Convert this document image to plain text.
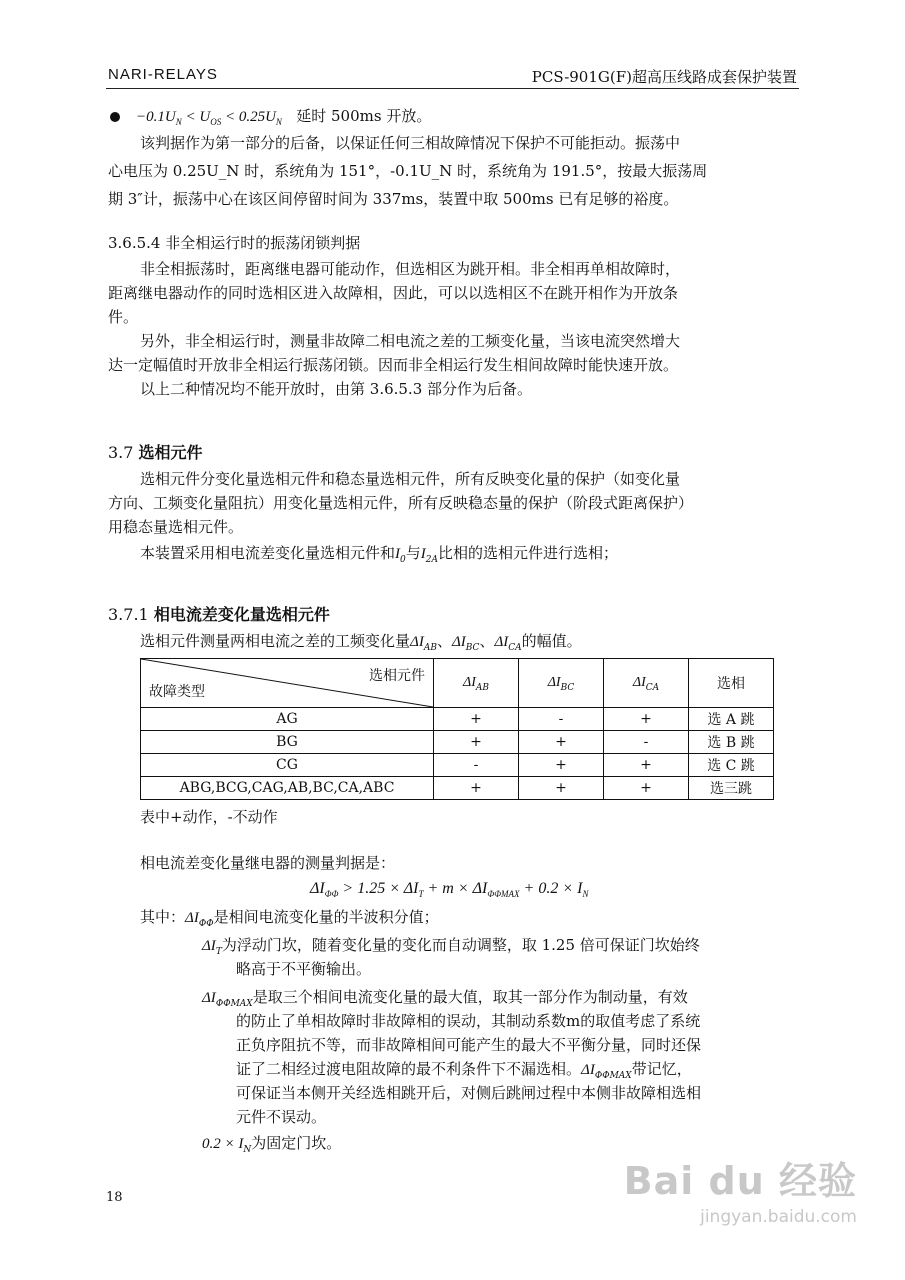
NARI-RELAYS	PCS-901G(F)超高压线路成套保护装置
$-0.1U_N < U_{OS} < 0.25U_N$ 延时 500ms 开放。
该判据作为第一部分的后备，以保证任何三相故障情况下保护不可能拒动。振荡中
心电压为 0.25U_N 时，系统角为 151°，-0.1U_N 时，系统角为 191.5°，按最大振荡周
期 3″计，振荡中心在该区间停留时间为 337ms，装置中取 500ms 已有足够的裕度。
3.6.5.4 非全相运行时的振荡闭锁判据
非全相振荡时，距离继电器可能动作，但选相区为跳开相。非全相再单相故障时，
距离继电器动作的同时选相区进入故障相，因此，可以以选相区不在跳开相作为开放条
件。
另外，非全相运行时，测量非故障二相电流之差的工频变化量，当该电流突然增大
达一定幅值时开放非全相运行振荡闭锁。因而非全相运行发生相间故障时能快速开放。
以上二种情况均不能开放时，由第 3.6.5.3 部分作为后备。
3.7 选相元件
选相元件分变化量选相元件和稳态量选相元件，所有反映变化量的保护（如变化量
方向、工频变化量阻抗）用变化量选相元件，所有反映稳态量的保护（阶段式距离保护）
用稳态量选相元件。
本装置采用相电流差变化量选相元件和$I_0$与$I_{2A}$比相的选相元件进行选相；
3.7.1 相电流差变化量选相元件
选相元件测量两相电流之差的工频变化量$\Delta I_{AB}$、$\Delta I_{BC}$、$\Delta I_{CA}$的幅值。
选相元件
故障类型	$\Delta I_{AB}$	$\Delta I_{BC}$	$\Delta I_{CA}$	选相
AG	+	-	+	选 A 跳
BG	+	+	-	选 B 跳
CG	-	+	+	选 C 跳
ABG,BCG,CAG,AB,BC,CA,ABC	+	+	+	选三跳
表中+动作，-不动作
相电流差变化量继电器的测量判据是：
$\Delta I_{\Phi\Phi} > 1.25 \times \Delta I_T + m \times \Delta I_{\Phi\Phi MAX} + 0.2 \times I_N$
其中：$\Delta I_{\Phi\Phi}$是相间电流变化量的半波积分值；
$\Delta I_T$为浮动门坎，随着变化量的变化而自动调整，取 1.25 倍可保证门坎始终
略高于不平衡输出。
$\Delta I_{\Phi\Phi MAX}$是取三个相间电流变化量的最大值，取其一部分作为制动量，有效
的防止了单相故障时非故障相的误动，其制动系数m的取值考虑了系统
正负序阻抗不等，而非故障相间可能产生的最大不平衡分量，同时还保
证了二相经过渡电阻故障的最不利条件下不漏选相。$\Delta I_{\Phi\Phi MAX}$带记忆，
可保证当本侧开关经选相跳开后，对侧后跳闸过程中本侧非故障相选相
元件不误动。
$0.2 \times I_N$为固定门坎。
18	Bai du 经验
jingyan.baidu.com
